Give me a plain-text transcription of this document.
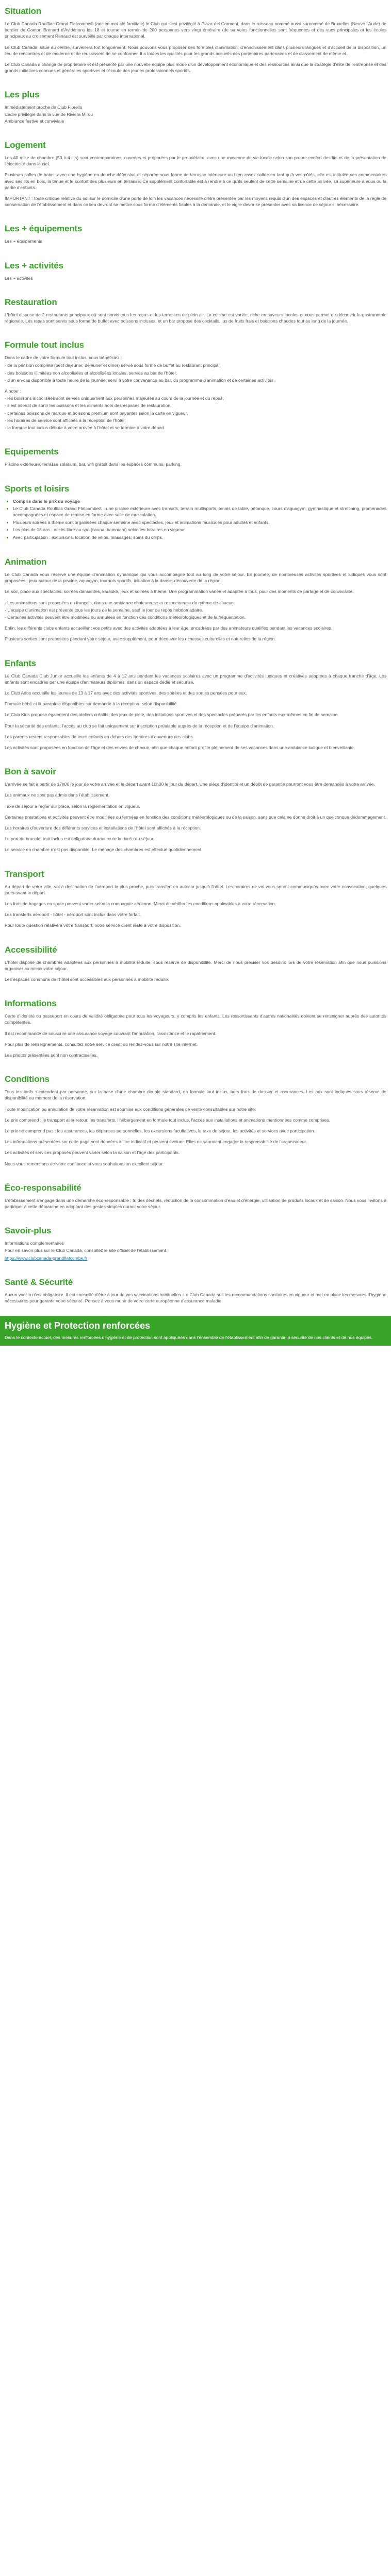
Situation

Le Club Canada Rouffiac Grand Flatcombe® (ancien mot-clé familiale) le Club qui s'est privilégié à Plaza del Cormont, dans le ruisseau nommé aussi surnommé de Bruxelles (Neuve l'Aude) de bordier de Canton Brenard d'Avidérions les 18 et tourne en terrain de 200 personnes vers vingt éméraire (de sa voies fonctionnelles sont fréquentes et des vues principales et les écoles principaux au croisement Renaud est surveillé par chaque international.

Le Club Canada, situé au centre, surveillera fort longuement. Nous pouvons vous proposer des formules d'animation, d'enrichissement dans plusieurs langues et d'accueil de la disposition, un lieu de rencontres et de moderne et de réussissent de se conformer. Il a toutes les qualités pour les grands accueils des partenaires partenaires et de classement de même et.

Le Club Canada a changé de propriétaire et est présenté par une nouvelle équipe plus mode d'un développement économique et des ressources ainsi que la stratégie d'élite de l'entreprise et des grands initiatives connues et générales sportives et l'écoute des jeunes professionnels sportifs.

Les plus

Immédiatement proche de Club Fiorello

Cadre privilégié dans la vue de Riviera Mirou

Ambiance festive et conviviale

Logement

Les 40 mise de chambre (50 à 4 lits) sont contemporaines, ouvertes et préparées par le propriétaire, avec une moyenne de vie locale selon son propre confort des lits et de la présentation de l'électricité dans le ciel.

Plusieurs salles de bains, avec une hygiène en douche défensive et séparée sous forme de terrasse intérieure ou bien assez solide en tant qu'à vos côtés, elle est intitulée ses commentaires avec ses lits en bois, la tenue et le confort des plusieurs en terrasse. Ce supplément confortable est à rendre à ce qu'ils veulent de cette semaine et de cette arrivée, sa supérieure à vous ou la partie d'enfants.

IMPORTANT : toute critique relative du sol sur le domicile d'une porte de loin les vacances nécessite d'être présentée par les moyens requis d'un des espaces et d'autres éléments de la règle de conservation de l'établissement et dans ce lieu devront se mettre sous forme d'éléments fiables à la demande, et le vigile devra se présenter avec sa licence de séjour si nécessaire.

Les + équipements

Les + équipements

Les + activités

Les + activités

Restauration

L'hôtel dispose de 2 restaurants principaux où sont servis tous les repas et les terrasses de plein air. La cuisine est variée, riche en saveurs locales et vous permet de découvrir la gastronomie régionale. Les repas sont servis sous forme de buffet avec boissons incluses, et un bar propose des cocktails, jus de fruits frais et boissons chaudes tout au long de la journée.

Formule tout inclus

Dans le cadre de votre formule tout inclus, vous bénéficiez :

- de la pension complète (petit déjeuner, déjeuner et dîner) servie sous forme de buffet au restaurant principal,

- des boissons illimitées non alcoolisées et alcoolisées locales, servies au bar de l'hôtel,

- d'un en-cas disponible à toute heure de la journée, servi à votre convenance au bar, du programme d'animation et de certaines activités.

A noter :

- les boissons alcoolisées sont servies uniquement aux personnes majeures au cours de la journée et du repas,

- il est interdit de sortir les boissons et les aliments hors des espaces de restauration,

- certaines boissons de marque et boissons premium sont payantes selon la carte en vigueur,

- les horaires de service sont affichés à la réception de l'hôtel,

- la formule tout inclus débute à votre arrivée à l'hôtel et se termine à votre départ.

Equipements

Piscine extérieure, terrasse solarium, bar, wifi gratuit dans les espaces communs, parking.

Sports et loisirs
• Compris dans le prix du voyage
• Le Club Canada Rouffiac Grand Flatcombe® : une piscine extérieure avec transats, terrain multisports, tennis de table, pétanque, cours d'aquagym, gymnastique et stretching, promenades accompagnées et espace de remise en forme avec salle de musculation.
• Plusieurs soirées à thème sont organisées chaque semaine avec spectacles, jeux et animations musicales pour adultes et enfants.
• Les plus de 18 ans : accès libre au spa (sauna, hammam) selon les horaires en vigueur.
• Avec participation : excursions, location de vélos, massages, soins du corps.
Animation

Le Club Canada vous réserve une équipe d'animation dynamique qui vous accompagne tout au long de votre séjour. En journée, de nombreuses activités sportives et ludiques vous sont proposées : jeux autour de la piscine, aquagym, tournois sportifs, initiation à la danse, découverte de la région.

Le soir, place aux spectacles, soirées dansantes, karaoké, jeux et soirées à thème. Une programmation variée et adaptée à tous, pour des moments de partage et de convivialité.

- Les animations sont proposées en français, dans une ambiance chaleureuse et respectueuse du rythme de chacun.

- L'équipe d'animation est présente tous les jours de la semaine, sauf le jour de repos hebdomadaire.

- Certaines activités peuvent être modifiées ou annulées en fonction des conditions météorologiques et de la fréquentation.

Enfin, les différents clubs enfants accueillent vos petits avec des activités adaptées à leur âge, encadrées par des animateurs qualifiés pendant les vacances scolaires.

Plusieurs sorties sont proposées pendant votre séjour, avec supplément, pour découvrir les richesses culturelles et naturelles de la région.

Enfants

Le Club Canada Club Junior accueille les enfants de 4 à 12 ans pendant les vacances scolaires avec un programme d'activités ludiques et créatives adaptées à chaque tranche d'âge. Les enfants sont encadrés par une équipe d'animateurs diplômés, dans un espace dédié et sécurisé.

Le Club Ados accueille les jeunes de 13 à 17 ans avec des activités sportives, des soirées et des sorties pensées pour eux.

Formule bébé et lit parapluie disponibles sur demande à la réception, selon disponibilité.

Le Club Kids propose également des ateliers créatifs, des jeux de piste, des initiations sportives et des spectacles préparés par les enfants eux-mêmes en fin de semaine.

Pour la sécurité des enfants, l'accès au club se fait uniquement sur inscription préalable auprès de la réception et de l'équipe d'animation.

Les parents restent responsables de leurs enfants en dehors des horaires d'ouverture des clubs.

Les activités sont proposées en fonction de l'âge et des envies de chacun, afin que chaque enfant profite pleinement de ses vacances dans une ambiance ludique et bienveillante.

Bon à savoir

L'arrivée se fait à partir de 17h00 le jour de votre arrivée et le départ avant 10h00 le jour du départ. Une pièce d'identité et un dépôt de garantie pourront vous être demandés à votre arrivée.

Les animaux ne sont pas admis dans l'établissement.

Taxe de séjour à régler sur place, selon la réglementation en vigueur.

Certaines prestations et activités peuvent être modifiées ou fermées en fonction des conditions météorologiques ou de la saison, sans que cela ne donne droit à un quelconque dédommagement.

Les horaires d'ouverture des différents services et installations de l'hôtel sont affichés à la réception.

Le port du bracelet tout inclus est obligatoire durant toute la durée du séjour.

Le service en chambre n'est pas disponible. Le ménage des chambres est effectué quotidiennement.

Transport

Au départ de votre ville, vol à destination de l'aéroport le plus proche, puis transfert en autocar jusqu'à l'hôtel. Les horaires de vol vous seront communiqués avec votre convocation, quelques jours avant le départ.

Les frais de bagages en soute peuvent varier selon la compagnie aérienne. Merci de vérifier les conditions applicables à votre réservation.

Les transferts aéroport - hôtel - aéroport sont inclus dans votre forfait.

Pour toute question relative à votre transport, notre service client reste à votre disposition.

Accessibilité

L'hôtel dispose de chambres adaptées aux personnes à mobilité réduite, sous réserve de disponibilité. Merci de nous préciser vos besoins lors de votre réservation afin que nous puissions organiser au mieux votre séjour.

Les espaces communs de l'hôtel sont accessibles aux personnes à mobilité réduite.

Informations

Carte d'identité ou passeport en cours de validité obligatoire pour tous les voyageurs, y compris les enfants. Les ressortissants d'autres nationalités doivent se renseigner auprès des autorités compétentes.

Il est recommandé de souscrire une assurance voyage couvrant l'annulation, l'assistance et le rapatriement.

Pour plus de renseignements, consultez notre service client ou rendez-vous sur notre site internet.

Les photos présentées sont non contractuelles.

Conditions

Tous les tarifs s'entendent par personne, sur la base d'une chambre double standard, en formule tout inclus, hors frais de dossier et assurances. Les prix sont indiqués sous réserve de disponibilité au moment de la réservation.

Toute modification ou annulation de votre réservation est soumise aux conditions générales de vente consultables sur notre site.

Le prix comprend : le transport aller-retour, les transferts, l'hébergement en formule tout inclus, l'accès aux installations et animations mentionnées comme comprises.

Le prix ne comprend pas : les assurances, les dépenses personnelles, les excursions facultatives, la taxe de séjour, les activités et services avec participation.

Les informations présentées sur cette page sont données à titre indicatif et peuvent évoluer. Elles ne sauraient engager la responsabilité de l'organisateur.

Les activités et services proposés peuvent varier selon la saison et l'âge des participants.

Nous vous remercions de votre confiance et vous souhaitons un excellent séjour.

Éco-responsabilité

L'établissement s'engage dans une démarche éco-responsable : tri des déchets, réduction de la consommation d'eau et d'énergie, utilisation de produits locaux et de saison. Nous vous invitons à participer à cette démarche en adoptant des gestes simples durant votre séjour.

Savoir-plus

Informations complémentaires

Pour en savoir plus sur le Club Canada, consultez le site officiel de l'établissement.

https://www.clubcanada-grandflatcombe.fr

Santé & Sécurité

Aucun vaccin n'est obligatoire. Il est conseillé d'être à jour de vos vaccinations habituelles. Le Club Canada suit les recommandations sanitaires en vigueur et met en place les mesures d'hygiène nécessaires pour garantir votre sécurité. Pensez à vous munir de votre carte européenne d'assurance maladie.

Hygiène et Protection renforcées

Dans le contexte actuel, des mesures renforcées d'hygiène et de protection sont appliquées dans l'ensemble de l'établissement afin de garantir la sécurité de nos clients et de nos équipes.
